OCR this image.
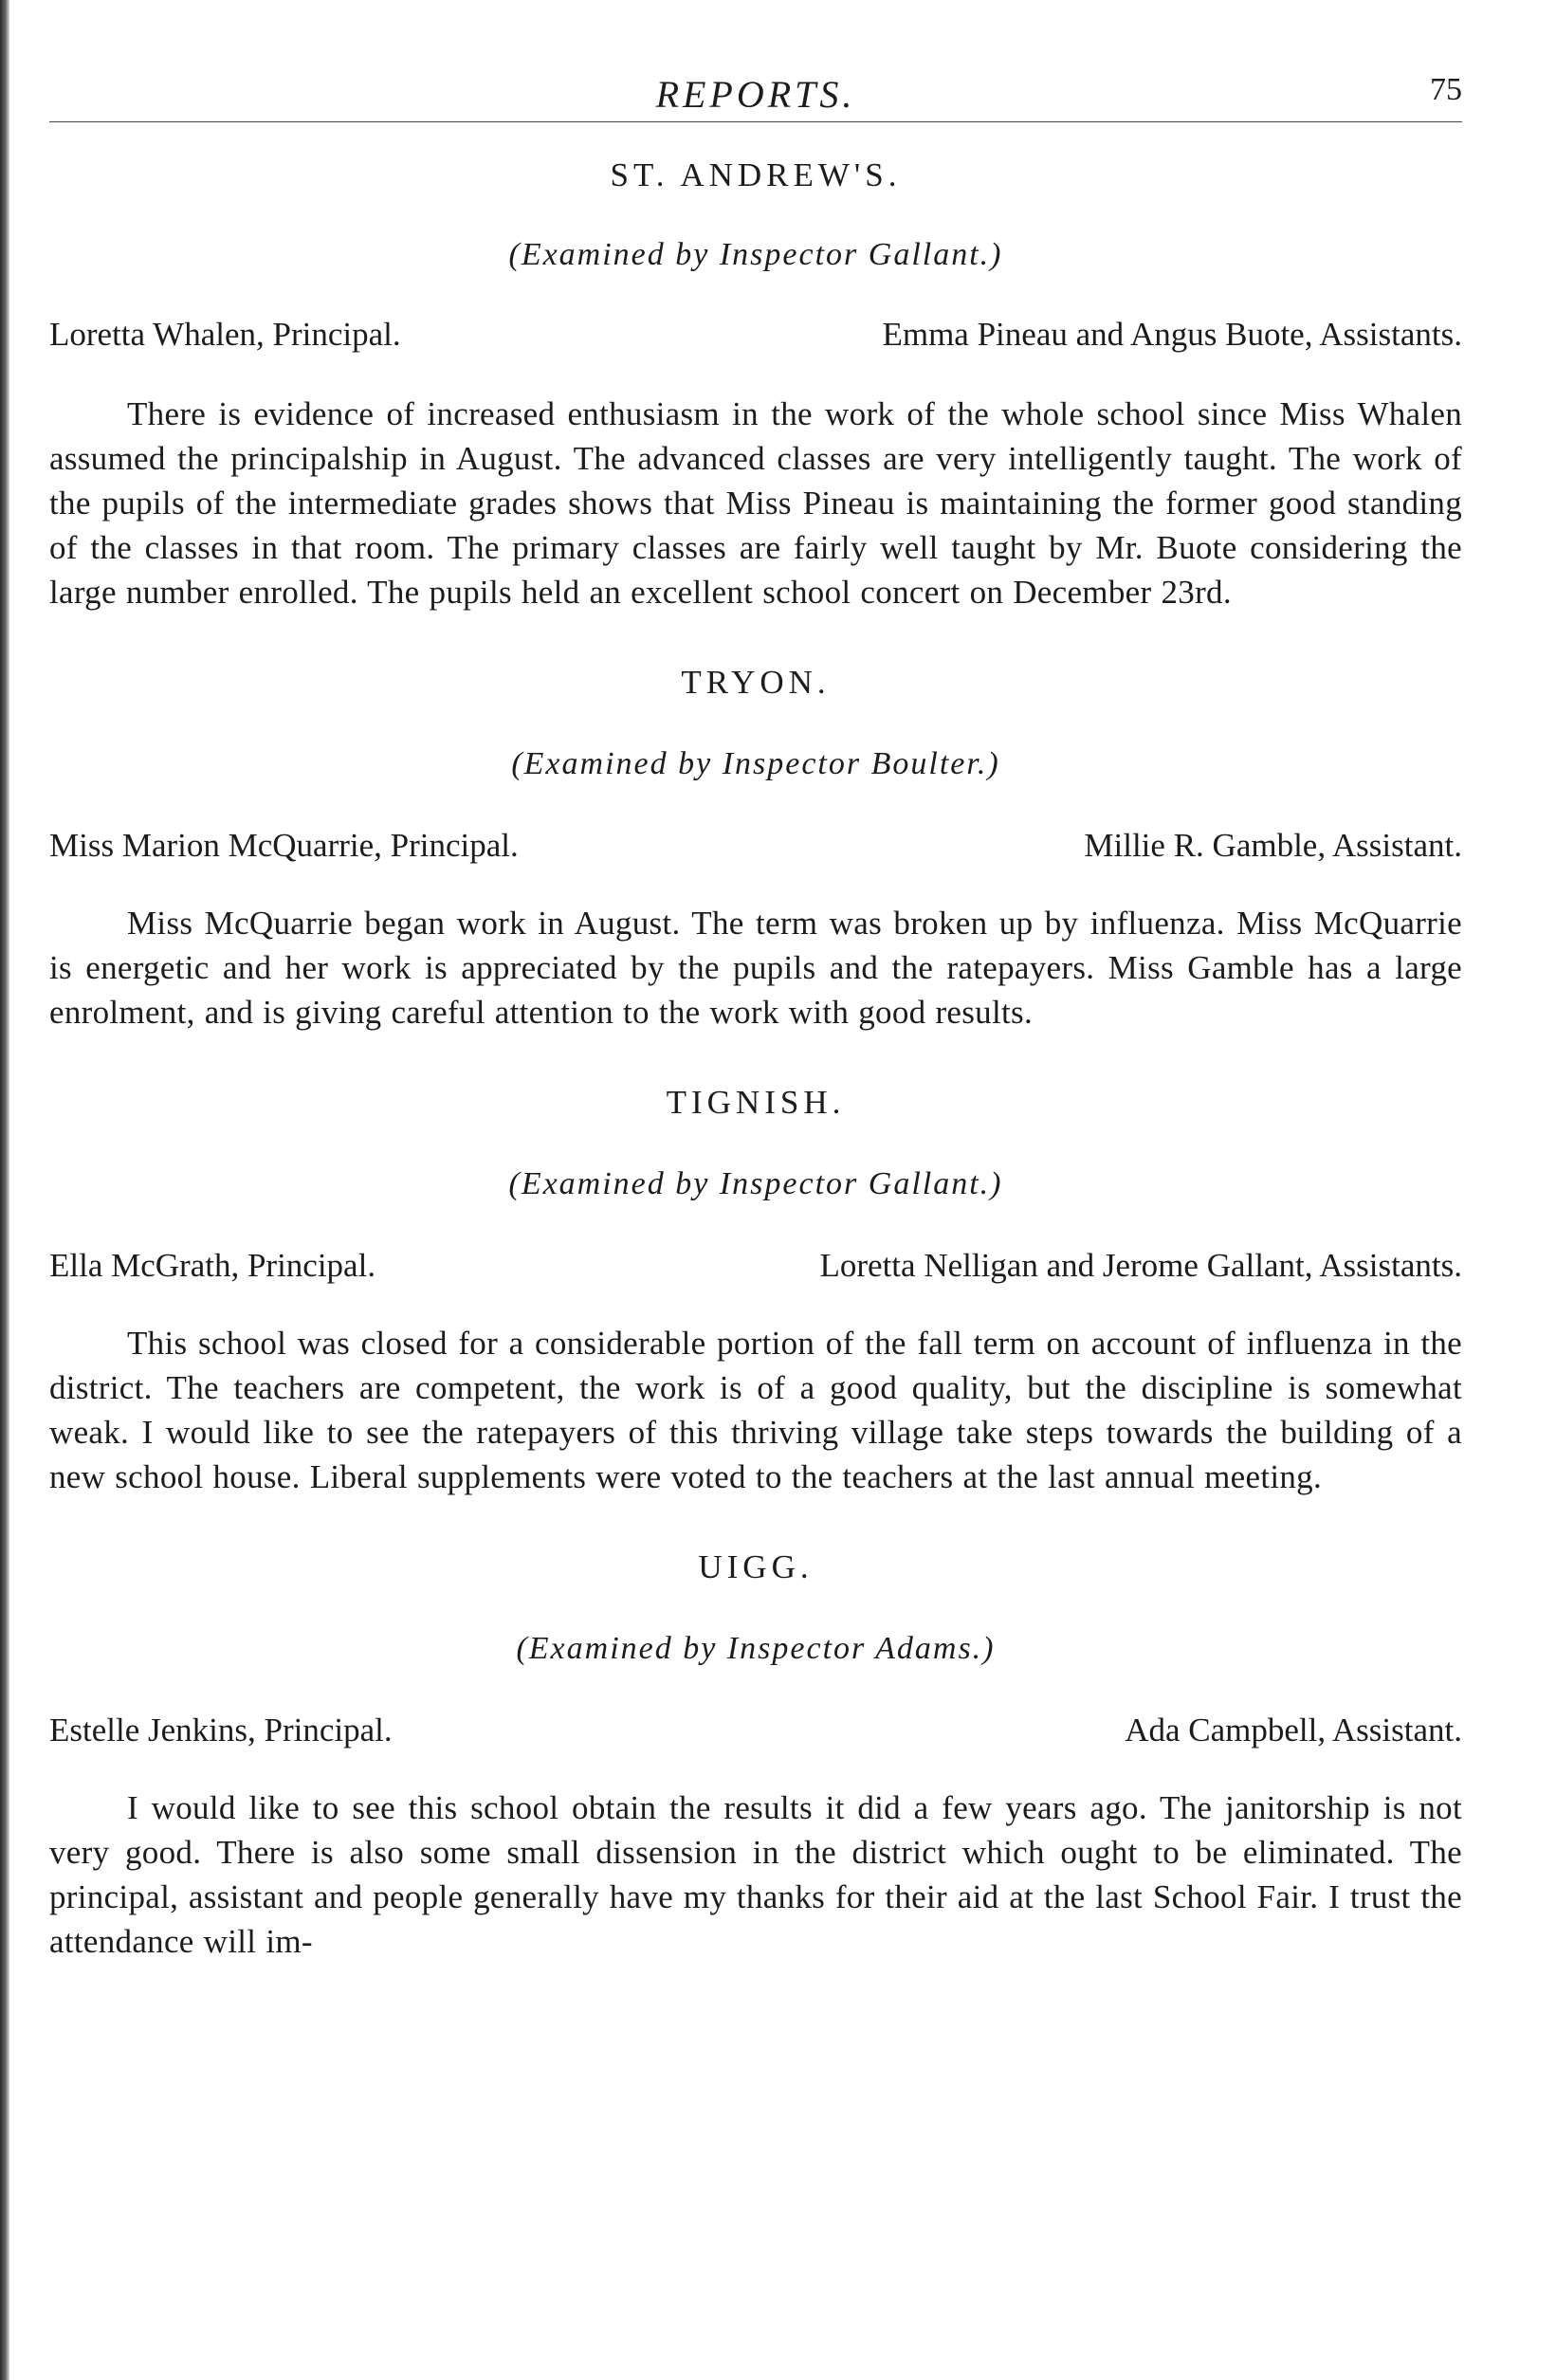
REPORTS.	75
ST. ANDREW'S.
(Examined by Inspector Gallant.)
Loretta Whalen, Principal.	Emma Pineau and Angus Buote, Assistants.

There is evidence of increased enthusiasm in the work of the whole school since Miss Whalen assumed the principalship in August. The advanced classes are very intelligently taught. The work of the pupils of the intermediate grades shows that Miss Pineau is maintaining the former good standing of the classes in that room. The primary classes are fairly well taught by Mr. Buote considering the large number enrolled. The pupils held an excellent school concert on December 23rd.

TRYON.
(Examined by Inspector Boulter.)
Miss Marion McQuarrie, Principal.	Millie R. Gamble, Assistant.

Miss McQuarrie began work in August. The term was broken up by influenza. Miss McQuarrie is energetic and her work is appreciated by the pupils and the ratepayers. Miss Gamble has a large enrolment, and is giving careful attention to the work with good results.

TIGNISH.
(Examined by Inspector Gallant.)
Ella McGrath, Principal.	Loretta Nelligan and Jerome Gallant, Assistants.

This school was closed for a considerable portion of the fall term on account of influenza in the district. The teachers are competent, the work is of a good quality, but the discipline is somewhat weak. I would like to see the ratepayers of this thriving village take steps towards the building of a new school house. Liberal supplements were voted to the teachers at the last annual meeting.

UIGG.
(Examined by Inspector Adams.)
Estelle Jenkins, Principal.	Ada Campbell, Assistant.

I would like to see this school obtain the results it did a few years ago. The janitorship is not very good. There is also some small dissension in the district which ought to be eliminated. The principal, assistant and people generally have my thanks for their aid at the last School Fair. I trust the attendance will im-
